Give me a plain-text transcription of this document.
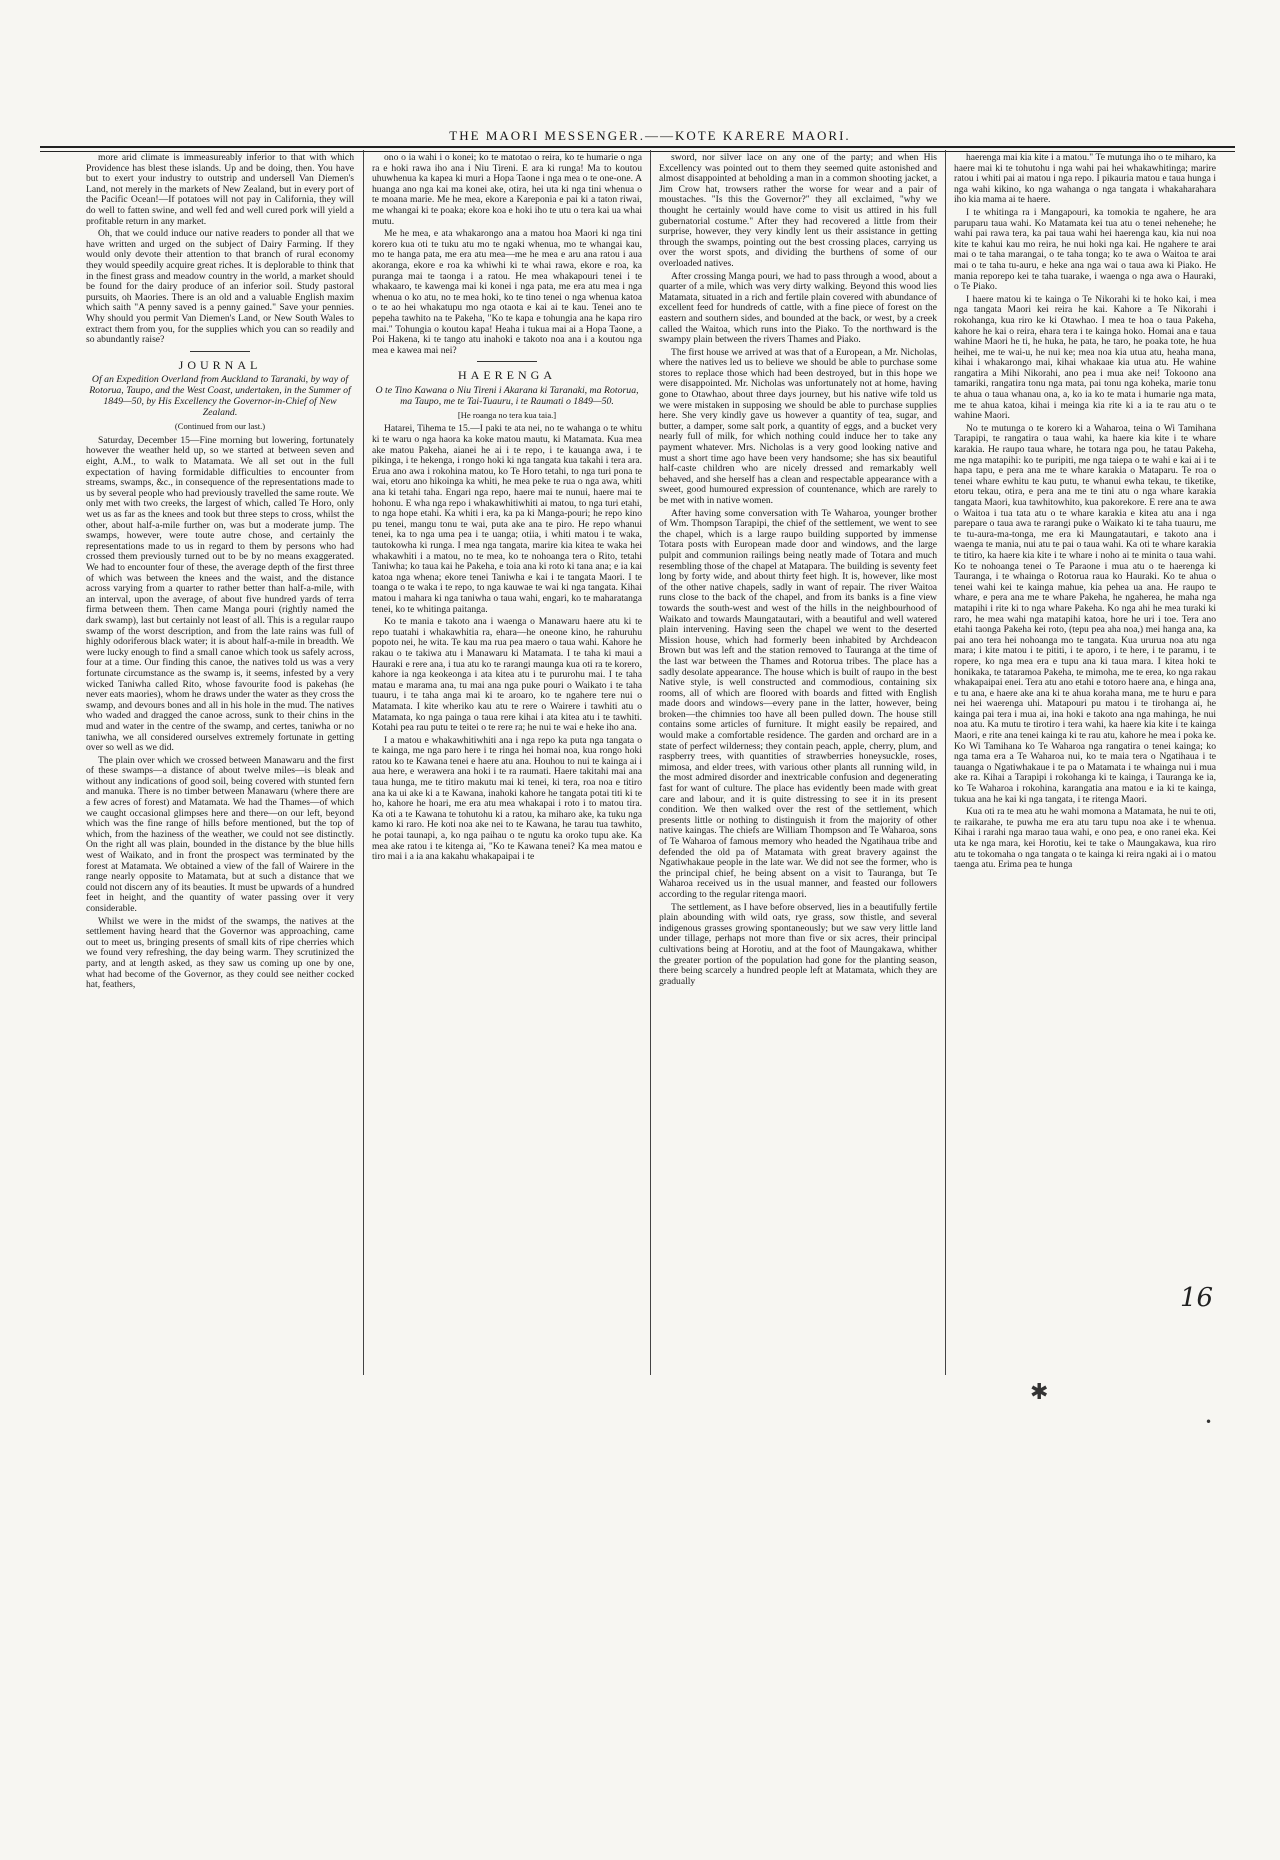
THE MAORI MESSENGER.——KOTE KARERE MAORI.

more arid climate is immeasureably inferior to that with which Providence has blest these islands. Up and be doing, then. You have but to exert your industry to outstrip and undersell Van Diemen's Land, not merely in the markets of New Zealand, but in every port of the Pacific Ocean!—If potatoes will not pay in California, they will do well to fatten swine, and well fed and well cured pork will yield a profitable return in any market.

Oh, that we could induce our native readers to ponder all that we have written and urged on the subject of Dairy Farming. If they would only devote their attention to that branch of rural economy they would speedily acquire great riches. It is deplorable to think that in the finest grass and meadow country in the world, a market should be found for the dairy produce of an inferior soil. Study pastoral pursuits, oh Maories. There is an old and a valuable English maxim which saith "A penny saved is a penny gained." Save your pennies. Why should you permit Van Diemen's Land, or New South Wales to extract them from you, for the supplies which you can so readily and so abundantly raise?

JOURNAL
Of an Expedition Overland from Auckland to Taranaki, by way of Rotorua, Taupo, and the West Coast, undertaken, in the Summer of 1849—50, by His Excellency the Governor-in-Chief of New Zealand.
(Continued from our last.)

Saturday, December 15—Fine morning but lowering, fortunately however the weather held up, so we started at between seven and eight, A.M., to walk to Matamata. We all set out in the full expectation of having formidable difficulties to encounter from streams, swamps, &c., in consequence of the representations made to us by several people who had previously travelled the same route. We only met with two creeks, the largest of which, called Te Horo, only wet us as far as the knees and took but three steps to cross, whilst the other, about half-a-mile further on, was but a moderate jump. The swamps, however, were toute autre chose, and certainly the representations made to us in regard to them by persons who had crossed them previously turned out to be by no means exaggerated. We had to encounter four of these, the average depth of the first three of which was between the knees and the waist, and the distance across varying from a quarter to rather better than half-a-mile, with an interval, upon the average, of about five hundred yards of terra firma between them. Then came Manga pouri (rightly named the dark swamp), last but certainly not least of all. This is a regular raupo swamp of the worst description, and from the late rains was full of highly odoriferous black water; it is about half-a-mile in breadth. We were lucky enough to find a small canoe which took us safely across, four at a time. Our finding this canoe, the natives told us was a very fortunate circumstance as the swamp is, it seems, infested by a very wicked Taniwha called Rito, whose favourite food is pakehas (he never eats maories), whom he draws under the water as they cross the swamp, and devours bones and all in his hole in the mud. The natives who waded and dragged the canoe across, sunk to their chins in the mud and water in the centre of the swamp, and certes, taniwha or no taniwha, we all considered ourselves extremely fortunate in getting over so well as we did.

The plain over which we crossed between Manawaru and the first of these swamps—a distance of about twelve miles—is bleak and without any indications of good soil, being covered with stunted fern and manuka. There is no timber between Manawaru (where there are a few acres of forest) and Matamata. We had the Thames—of which we caught occasional glimpses here and there—on our left, beyond which was the fine range of hills before mentioned, but the top of which, from the haziness of the weather, we could not see distinctly. On the right all was plain, bounded in the distance by the blue hills west of Waikato, and in front the prospect was terminated by the forest at Matamata. We obtained a view of the fall of Wairere in the range nearly opposite to Matamata, but at such a distance that we could not discern any of its beauties. It must be upwards of a hundred feet in height, and the quantity of water passing over it very considerable.

Whilst we were in the midst of the swamps, the natives at the settlement having heard that the Governor was approaching, came out to meet us, bringing presents of small kits of ripe cherries which we found very refreshing, the day being warm. They scrutinized the party, and at length asked, as they saw us coming up one by one, what had become of the Governor, as they could see neither cocked hat, feathers,

ono o ia wahi i o konei; ko te matotao o reira, ko te humarie o nga ra e hoki rawa iho ana i Niu Tireni. E ara ki runga! Ma to koutou uhuwhenua ka kapea ki muri a Hopa Taone i nga mea o te one-one. A huanga ano nga kai ma konei ake, otira, hei uta ki nga tini whenua o te moana marie. Me he mea, ekore a Kareponia e pai ki a taton riwai, me whangai ki te poaka; ekore koa e hoki iho te utu o tera kai ua whai mutu.

Me he mea, e ata whakarongo ana a matou hoa Maori ki nga tini korero kua oti te tuku atu mo te ngaki whenua, mo te whangai kau, mo te hanga pata, me era atu mea—me he mea e aru ana ratou i aua akoranga, ekore e roa ka whiwhi ki te whai rawa, ekore e roa, ka puranga mai te taonga i a ratou. He mea whakapouri tenei i te whakaaro, te kawenga mai ki konei i nga pata, me era atu mea i nga whenua o ko atu, no te mea hoki, ko te tino tenei o nga whenua katoa o te ao hei whakatupu mo nga otaota e kai ai te kau. Tenei ano te pepeha tawhito na te Pakeha, "Ko te kapa e tohungia ana he kapa riro mai." Tohungia o koutou kapa! Heaha i tukua mai ai a Hopa Taone, a Poi Hakena, ki te tango atu inahoki e takoto noa ana i a koutou nga mea e kawea mai nei?

HAERENGA
O te Tino Kawana o Niu Tireni i Akarana ki Taranaki, ma Rotorua, ma Taupo, me te Tai-Tuauru, i te Raumati o 1849—50.
[He roanga no tera kua taia.]

Hatarei, Tihema te 15.—I paki te ata nei, no te wahanga o te whitu ki te waru o nga haora ka koke matou mautu, ki Matamata. Kua mea ake matou Pakeha, aianei he ai i te repo, i te kauanga awa, i te pikinga, i te hekenga, i rongo hoki ki nga tangata kua takahi i tera ara. Erua ano awa i rokohina matou, ko Te Horo tetahi, to nga turi pona te wai, etoru ano hikoinga ka whiti, he mea peke te rua o nga awa, whiti ana ki tetahi taha. Engari nga repo, haere mai te nunui, haere mai te hohonu. E wha nga repo i whakawhitiwhiti ai matou, to nga turi etahi, to nga hope etahi. Ka whiti i era, ka pa ki Manga-pouri; he repo kino pu tenei, mangu tonu te wai, puta ake ana te piro. He repo whanui tenei, ka to nga uma pea i te uanga; otiia, i whiti matou i te waka, tautokowha ki runga. I mea nga tangata, marire kia kitea te waka hei whakawhiti i a matou, no te mea, ko te nohoanga tera o Rito, tetahi Taniwha; ko taua kai he Pakeha, e toia ana ki roto ki tana ana; e ia kai katoa nga whena; ekore tenei Taniwha e kai i te tangata Maori. I te toanga o te waka i te repo, to nga kauwae te wai ki nga tangata. Kihai matou i mahara ki nga taniwha o taua wahi, engari, ko te maharatanga tenei, ko te whitinga paitanga.

Ko te mania e takoto ana i waenga o Manawaru haere atu ki te repo tuatahi i whakawhitia ra, ehara—he oneone kino, he rahuruhu popoto nei, he wita. Te kau ma rua pea maero o taua wahi. Kahore he rakau o te takiwa atu i Manawaru ki Matamata. I te taha ki maui a Hauraki e rere ana, i tua atu ko te rarangi maunga kua oti ra te korero, kahore ia nga keokeonga i ata kitea atu i te pururohu mai. I te taha matau e marama ana, tu mai ana nga puke pouri o Waikato i te taha tuauru, i te taha anga mai ki te aroaro, ko te ngahere tere nui o Matamata. I kite wheriko kau atu te rere o Wairere i tawhiti atu o Matamata, ko nga painga o taua rere kihai i ata kitea atu i te tawhiti. Kotahi pea rau putu te teitei o te rere ra; he nui te wai e heke iho ana.

I a matou e whakawhitiwhiti ana i nga repo ka puta nga tangata o te kainga, me nga paro here i te ringa hei homai noa, kua rongo hoki ratou ko te Kawana tenei e haere atu ana. Houhou to nui te kainga ai i aua here, e werawera ana hoki i te ra raumati. Haere takitahi mai ana taua hunga, me te titiro makutu mai ki tenei, ki tera, roa noa e titiro ana ka ui ake ki a te Kawana, inahoki kahore he tangata potai titi ki te ho, kahore he hoari, me era atu mea whakapai i roto i to matou tira. Ka oti a te Kawana te tohutohu ki a ratou, ka miharo ake, ka tuku nga kamo ki raro. He koti noa ake nei to te Kawana, he tarau tua tawhito, he potai taunapi, a, ko nga paihau o te ngutu ka oroko tupu ake. Ka mea ake ratou i te kitenga ai, "Ko te Kawana tenei? Ka mea matou e tiro mai i a ia ana kakahu whakapaipai i te

sword, nor silver lace on any one of the party; and when His Excellency was pointed out to them they seemed quite astonished and almost disappointed at beholding a man in a common shooting jacket, a Jim Crow hat, trowsers rather the worse for wear and a pair of moustaches. "Is this the Governor?" they all exclaimed, "why we thought he certainly would have come to visit us attired in his full gubernatorial costume." After they had recovered a little from their surprise, however, they very kindly lent us their assistance in getting through the swamps, pointing out the best crossing places, carrying us over the worst spots, and dividing the burthens of some of our overloaded natives.

After crossing Manga pouri, we had to pass through a wood, about a quarter of a mile, which was very dirty walking. Beyond this wood lies Matamata, situated in a rich and fertile plain covered with abundance of excellent feed for hundreds of cattle, with a fine piece of forest on the eastern and southern sides, and bounded at the back, or west, by a creek called the Waitoa, which runs into the Piako. To the northward is the swampy plain between the rivers Thames and Piako.

The first house we arrived at was that of a European, a Mr. Nicholas, where the natives led us to believe we should be able to purchase some stores to replace those which had been destroyed, but in this hope we were disappointed. Mr. Nicholas was unfortunately not at home, having gone to Otawhao, about three days journey, but his native wife told us we were mistaken in supposing we should be able to purchase supplies here. She very kindly gave us however a quantity of tea, sugar, and butter, a damper, some salt pork, a quantity of eggs, and a bucket very nearly full of milk, for which nothing could induce her to take any payment whatever. Mrs. Nicholas is a very good looking native and must a short time ago have been very handsome; she has six beautiful half-caste children who are nicely dressed and remarkably well behaved, and she herself has a clean and respectable appearance with a sweet, good humoured expression of countenance, which are rarely to be met with in native women.

After having some conversation with Te Waharoa, younger brother of Wm. Thompson Tarapipi, the chief of the settlement, we went to see the chapel, which is a large raupo building supported by immense Totara posts with European made door and windows, and the large pulpit and communion railings being neatly made of Totara and much resembling those of the chapel at Matapara. The building is seventy feet long by forty wide, and about thirty feet high. It is, however, like most of the other native chapels, sadly in want of repair. The river Waitoa runs close to the back of the chapel, and from its banks is a fine view towards the south-west and west of the hills in the neighbourhood of Waikato and towards Maungatautari, with a beautiful and well watered plain intervening. Having seen the chapel we went to the deserted Mission house, which had formerly been inhabited by Archdeacon Brown but was left and the station removed to Tauranga at the time of the last war between the Thames and Rotorua tribes. The place has a sadly desolate appearance. The house which is built of raupo in the best Native style, is well constructed and commodious, containing six rooms, all of which are floored with boards and fitted with English made doors and windows—every pane in the latter, however, being broken—the chimnies too have all been pulled down. The house still contains some articles of furniture. It might easily be repaired, and would make a comfortable residence. The garden and orchard are in a state of perfect wilderness; they contain peach, apple, cherry, plum, and raspberry trees, with quantities of strawberries honeysuckle, roses, mimosa, and elder trees, with various other plants all running wild, in the most admired disorder and inextricable confusion and degenerating fast for want of culture. The place has evidently been made with great care and labour, and it is quite distressing to see it in its present condition. We then walked over the rest of the settlement, which presents little or nothing to distinguish it from the majority of other native kaingas. The chiefs are William Thompson and Te Waharoa, sons of Te Waharoa of famous memory who headed the Ngatihaua tribe and defended the old pa of Matamata with great bravery against the Ngatiwhakaue people in the late war. We did not see the former, who is the principal chief, he being absent on a visit to Tauranga, but Te Waharoa received us in the usual manner, and feasted our followers according to the regular ritenga maori.

The settlement, as I have before observed, lies in a beautifully fertile plain abounding with wild oats, rye grass, sow thistle, and several indigenous grasses growing spontaneously; but we saw very little land under tillage, perhaps not more than five or six acres, their principal cultivations being at Horotiu, and at the foot of Maungakawa, whither the greater portion of the population had gone for the planting season, there being scarcely a hundred people left at Matamata, which they are gradually

haerenga mai kia kite i a matou." Te mutunga iho o te miharo, ka haere mai ki te tohutohu i nga wahi pai hei whakawhitinga; marire ratou i whiti pai ai matou i nga repo. I pikauria matou e taua hunga i nga wahi kikino, ko nga wahanga o nga tangata i whakaharahara iho kia mama ai te haere.

I te whitinga ra i Mangapouri, ka tomokia te ngahere, he ara paruparu taua wahi. Ko Matamata kei tua atu o tenei nehenehe; he wahi pai rawa tera, ka pai taua wahi hei haerenga kau, kia nui noa kite te kahui kau mo reira, he nui hoki nga kai. He ngahere te arai mai o te taha marangai, o te taha tonga; ko te awa o Waitoa te arai mai o te taha tu-auru, e heke ana nga wai o taua awa ki Piako. He mania reporepo kei te taha tuarake, i waenga o nga awa o Hauraki, o Te Piako.

I haere matou ki te kainga o Te Nikorahi ki te hoko kai, i mea nga tangata Maori kei reira he kai. Kahore a Te Nikorahi i rokohanga, kua riro ke ki Otawhao. I mea te hoa o taua Pakeha, kahore he kai o reira, ehara tera i te kainga hoko. Homai ana e taua wahine Maori he ti, he huka, he pata, he taro, he poaka tote, he hua heihei, me te wai-u, he nui ke; mea noa kia utua atu, heaha mana, kihai i whakarongo mai, kihai whakaae kia utua atu. He wahine rangatira a Mihi Nikorahi, ano pea i mua ake nei! Tokoono ana tamariki, rangatira tonu nga mata, pai tonu nga koheka, marie tonu te ahua o taua whanau ona, a, ko ia ko te mata i humarie nga mata, me te ahua katoa, kihai i meinga kia rite ki a ia te rau atu o te wahine Maori.

No te mutunga o te korero ki a Waharoa, teina o Wi Tamihana Tarapipi, te rangatira o taua wahi, ka haere kia kite i te whare karakia. He raupo taua whare, he totara nga pou, he tatau Pakeha, me nga matapihi: ko te puripiti, me nga taiepa o te wahi e kai ai i te hapa tapu, e pera ana me te whare karakia o Mataparu. Te roa o tenei whare ewhitu te kau putu, te whanui ewha tekau, te tiketike, etoru tekau, otira, e pera ana me te tini atu o nga whare karakia tangata Maori, kua tawhitowhito, kua pakorekore. E rere ana te awa o Waitoa i tua tata atu o te whare karakia e kitea atu ana i nga parepare o taua awa te rarangi puke o Waikato ki te taha tuauru, me te tu-aura-ma-tonga, me era ki Maungatautari, e takoto ana i waenga te mania, nui atu te pai o taua wahi. Ka oti te whare karakia te titiro, ka haere kia kite i te whare i noho ai te minita o taua wahi. Ko te nohoanga tenei o Te Paraone i mua atu o te haerenga ki Tauranga, i te whainga o Rotorua raua ko Hauraki. Ko te ahua o tenei wahi kei te kainga mahue, kia pehea ua ana. He raupo te whare, e pera ana me te whare Pakeha, he ngaherea, he maha nga matapihi i rite ki to nga whare Pakeha. Ko nga ahi he mea turaki ki raro, he mea wahi nga matapihi katoa, hore he uri i toe. Tera ano etahi taonga Pakeha kei roto, (tepu pea aha noa,) mei hanga ana, ka pai ano tera hei nohoanga mo te tangata. Kua ururua noa atu nga mara; i kite matou i te pititi, i te aporo, i te here, i te paramu, i te ropere, ko nga mea era e tupu ana ki taua mara. I kitea hoki te honikaka, te tataramoa Pakeha, te mimoha, me te erea, ko nga rakau whakapaipai enei. Tera atu ano etahi e totoro haere ana, e hinga ana, e tu ana, e haere ake ana ki te ahua koraha mana, me te huru e para nei hei waerenga uhi. Matapouri pu matou i te tirohanga ai, he kainga pai tera i mua ai, ina hoki e takoto ana nga mahinga, he nui noa atu. Ka mutu te tirotiro i tera wahi, ka haere kia kite i te kainga Maori, e rite ana tenei kainga ki te rau atu, kahore he mea i poka ke. Ko Wi Tamihana ko Te Waharoa nga rangatira o tenei kainga; ko nga tama era a Te Waharoa nui, ko te maia tera o Ngatihaua i te tauanga o Ngatiwhakaue i te pa o Matamata i te whainga nui i mua ake ra. Kihai a Tarapipi i rokohanga ki te kainga, i Tauranga ke ia, ko Te Waharoa i rokohina, karangatia ana matou e ia ki te kainga, tukua ana he kai ki nga tangata, i te ritenga Maori.

Kua oti ra te mea atu he wahi momona a Matamata, he nui te oti, te raikarahe, te puwha me era atu taru tupu noa ake i te whenua. Kihai i rarahi nga marao taua wahi, e ono pea, e ono ranei eka. Kei uta ke nga mara, kei Horotiu, kei te take o Maungakawa, kua riro atu te tokomaha o nga tangata o te kainga ki reira ngaki ai i o matou taenga atu. Erima pea te hunga

16
✱
•
